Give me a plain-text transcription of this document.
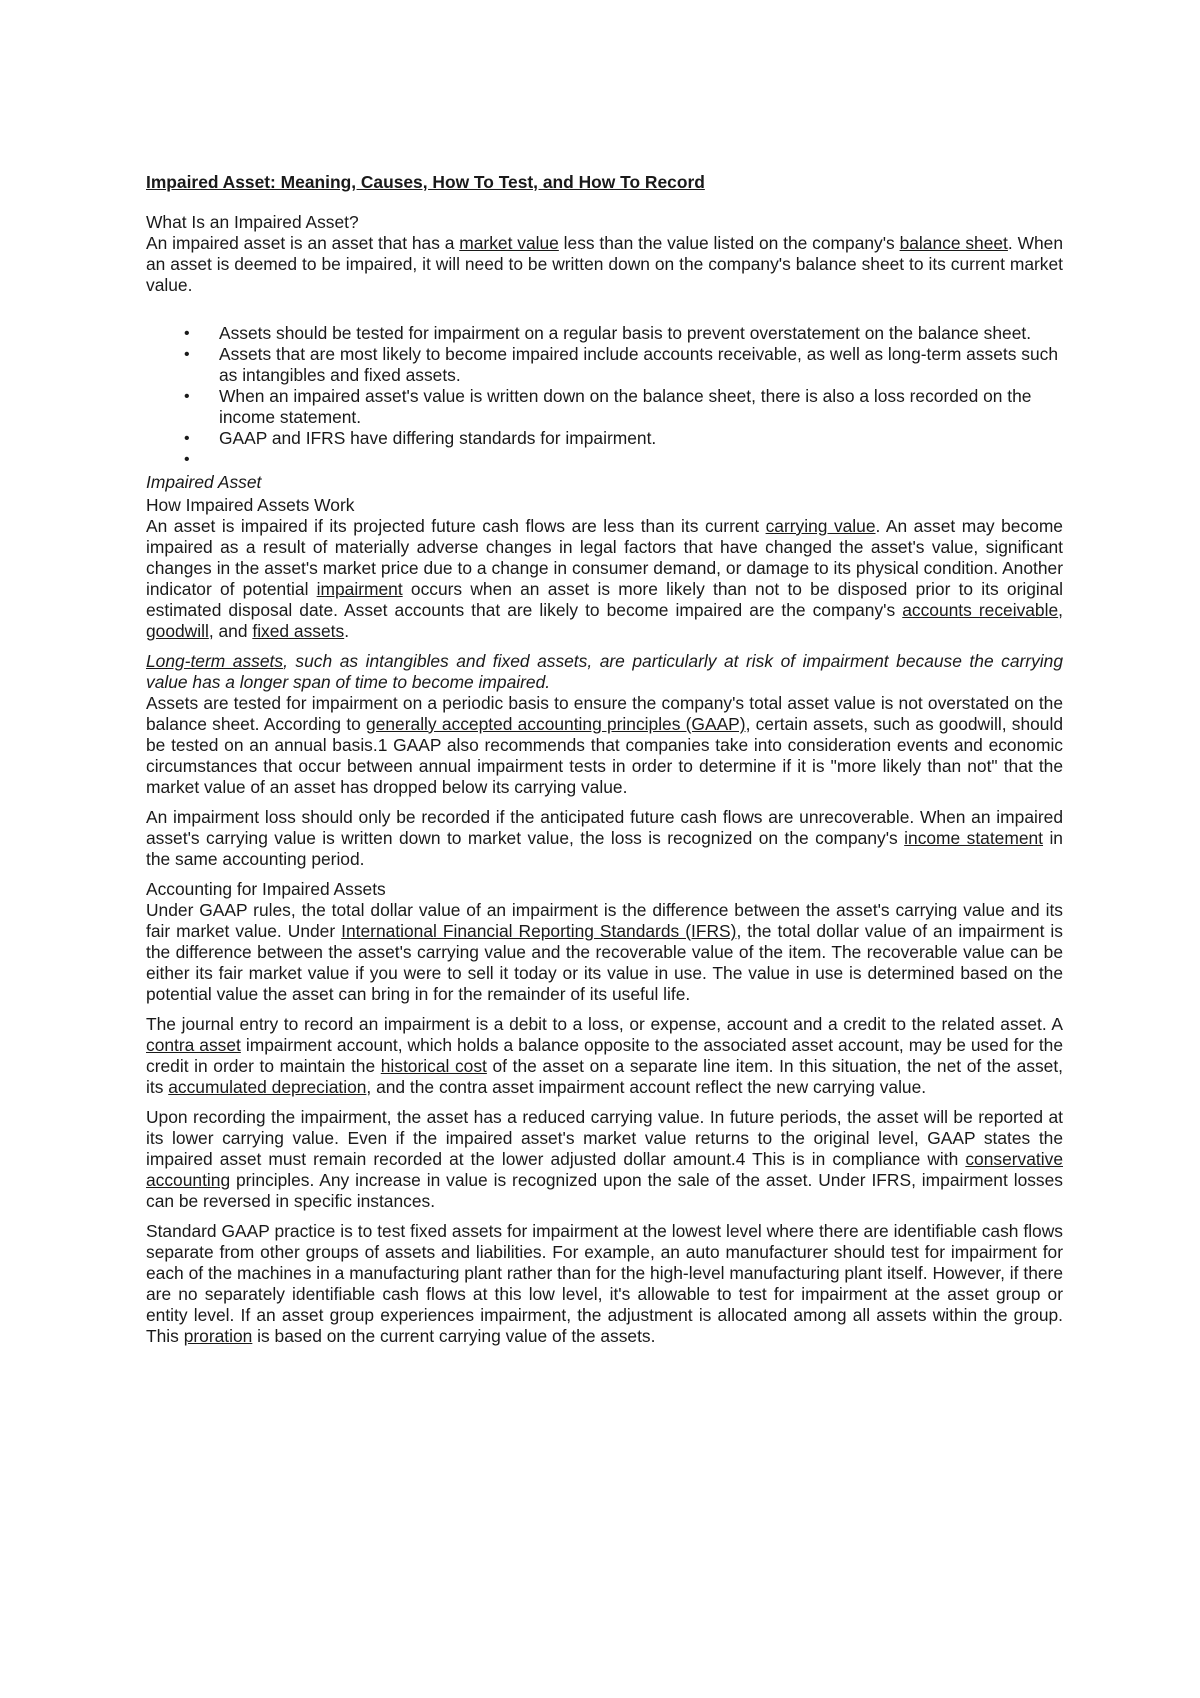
Impaired Asset: Meaning, Causes, How To Test, and How To Record
What Is an Impaired Asset?

An impaired asset is an asset that has a market value less than the value listed on the company's balance sheet. When an asset is deemed to be impaired, it will need to be written down on the company's balance sheet to its current market value.

• Assets should be tested for impairment on a regular basis to prevent overstatement on the balance sheet.
• Assets that are most likely to become impaired include accounts receivable, as well as long-term assets such as intangibles and fixed assets.
• When an impaired asset's value is written down on the balance sheet, there is also a loss recorded on the income statement.
• GAAP and IFRS have differing standards for impairment.
•
Impaired Asset
How Impaired Assets Work

An asset is impaired if its projected future cash flows are less than its current carrying value. An asset may become impaired as a result of materially adverse changes in legal factors that have changed the asset's value, significant changes in the asset's market price due to a change in consumer demand, or damage to its physical condition. Another indicator of potential impairment occurs when an asset is more likely than not to be disposed prior to its original estimated disposal date. Asset accounts that are likely to become impaired are the company's accounts receivable, goodwill, and fixed assets.

Long-term assets, such as intangibles and fixed assets, are particularly at risk of impairment because the carrying value has a longer span of time to become impaired.

Assets are tested for impairment on a periodic basis to ensure the company's total asset value is not overstated on the balance sheet. According to generally accepted accounting principles (GAAP), certain assets, such as goodwill, should be tested on an annual basis.1 GAAP also recommends that companies take into consideration events and economic circumstances that occur between annual impairment tests in order to determine if it is "more likely than not" that the market value of an asset has dropped below its carrying value.

An impairment loss should only be recorded if the anticipated future cash flows are unrecoverable. When an impaired asset's carrying value is written down to market value, the loss is recognized on the company's income statement in the same accounting period.

Accounting for Impaired Assets

Under GAAP rules, the total dollar value of an impairment is the difference between the asset's carrying value and its fair market value. Under International Financial Reporting Standards (IFRS), the total dollar value of an impairment is the difference between the asset's carrying value and the recoverable value of the item. The recoverable value can be either its fair market value if you were to sell it today or its value in use. The value in use is determined based on the potential value the asset can bring in for the remainder of its useful life.

The journal entry to record an impairment is a debit to a loss, or expense, account and a credit to the related asset. A contra asset impairment account, which holds a balance opposite to the associated asset account, may be used for the credit in order to maintain the historical cost of the asset on a separate line item. In this situation, the net of the asset, its accumulated depreciation, and the contra asset impairment account reflect the new carrying value.

Upon recording the impairment, the asset has a reduced carrying value. In future periods, the asset will be reported at its lower carrying value. Even if the impaired asset's market value returns to the original level, GAAP states the impaired asset must remain recorded at the lower adjusted dollar amount.4 This is in compliance with conservative accounting principles. Any increase in value is recognized upon the sale of the asset. Under IFRS, impairment losses can be reversed in specific instances.

Standard GAAP practice is to test fixed assets for impairment at the lowest level where there are identifiable cash flows separate from other groups of assets and liabilities. For example, an auto manufacturer should test for impairment for each of the machines in a manufacturing plant rather than for the high-level manufacturing plant itself. However, if there are no separately identifiable cash flows at this low level, it's allowable to test for impairment at the asset group or entity level. If an asset group experiences impairment, the adjustment is allocated among all assets within the group. This proration is based on the current carrying value of the assets.
